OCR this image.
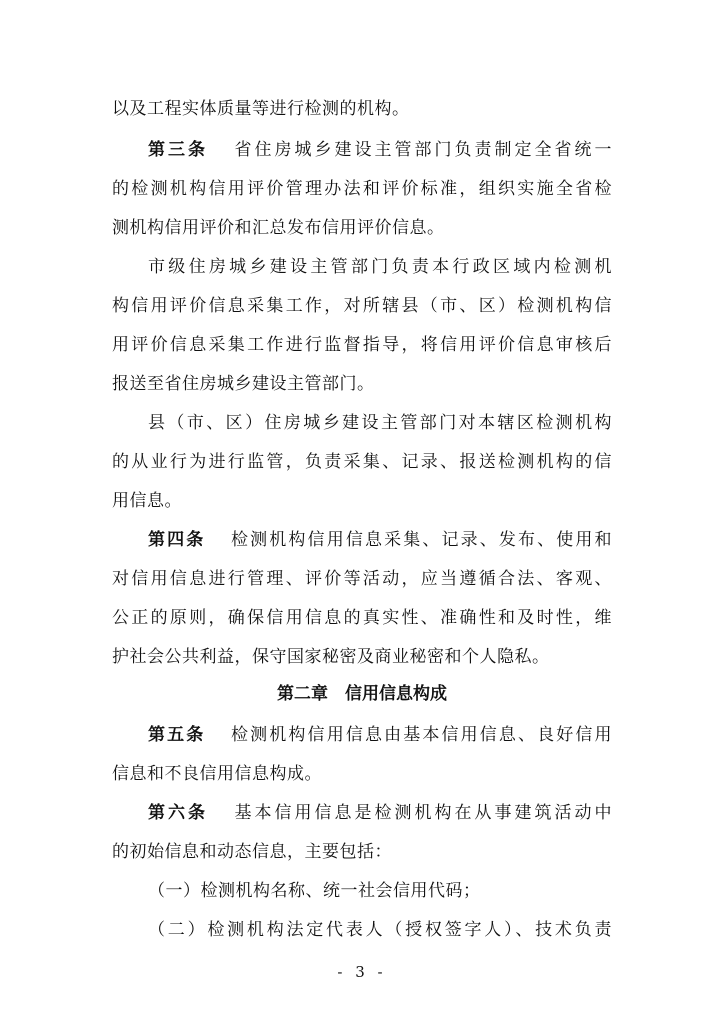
以及工程实体质量等进行检测的机构。
第三条 省住房城乡建设主管部门负责制定全省统一
的检测机构信用评价管理办法和评价标准，组织实施全省检
测机构信用评价和汇总发布信用评价信息。
市级住房城乡建设主管部门负责本行政区域内检测机
构信用评价信息采集工作，对所辖县（市、区）检测机构信
用评价信息采集工作进行监督指导，将信用评价信息审核后
报送至省住房城乡建设主管部门。
县（市、区）住房城乡建设主管部门对本辖区检测机构
的从业行为进行监管，负责采集、记录、报送检测机构的信
用信息。
第四条 检测机构信用信息采集、记录、发布、使用和
对信用信息进行管理、评价等活动，应当遵循合法、客观、
公正的原则，确保信用信息的真实性、准确性和及时性，维
护社会公共利益，保守国家秘密及商业秘密和个人隐私。
第二章　信用信息构成
第五条 检测机构信用信息由基本信用信息、良好信用
信息和不良信用信息构成。
第六条 基本信用信息是检测机构在从事建筑活动中
的初始信息和动态信息，主要包括：
（一）检测机构名称、统一社会信用代码；
（二）检测机构法定代表人（授权签字人）、技术负责
- 3 -
